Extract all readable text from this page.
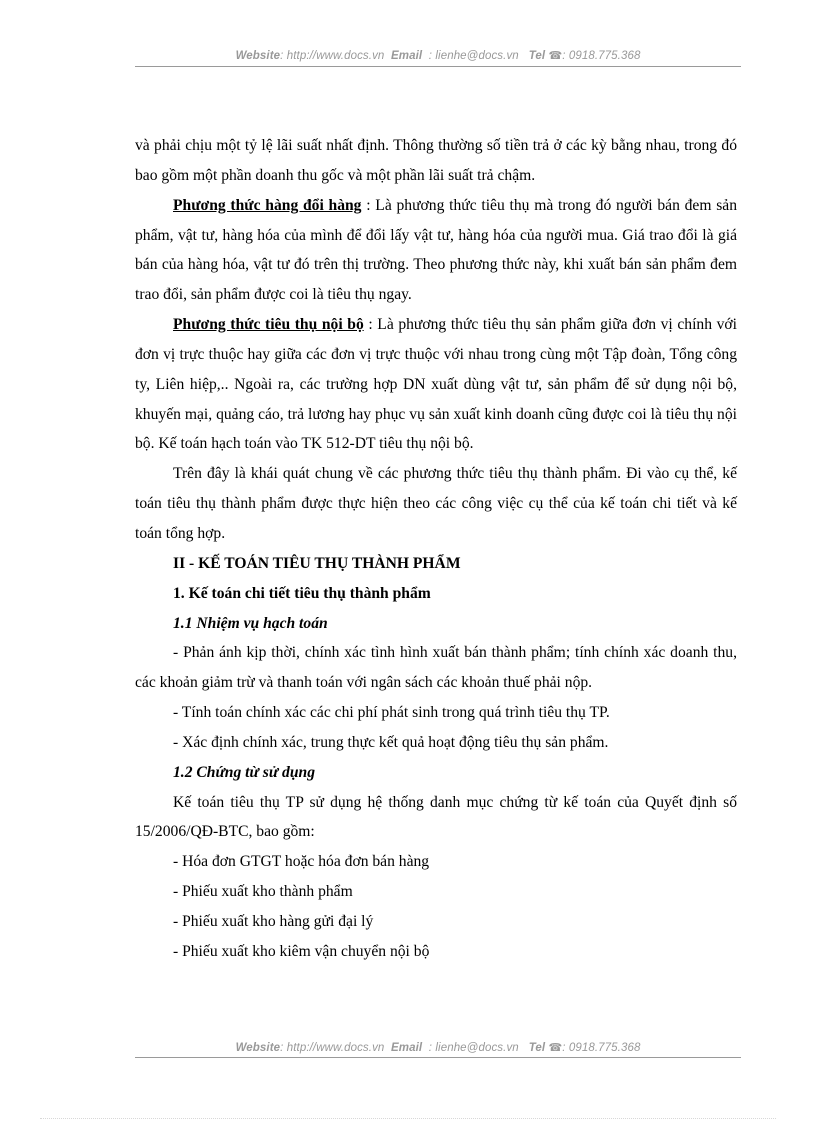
Website: http://www.docs.vn Email : lienhe@docs.vn Tel ☎: 0918.775.368

và phải chịu một tỷ lệ lãi suất nhất định. Thông thường số tiền trả ở các kỳ bằng nhau, trong đó bao gồm một phần doanh thu gốc và một phần lãi suất trả chậm.

Phương thức hàng đổi hàng : Là phương thức tiêu thụ mà trong đó người bán đem sản phẩm, vật tư, hàng hóa của mình để đổi lấy vật tư, hàng hóa của người mua. Giá trao đổi là giá bán của hàng hóa, vật tư đó trên thị trường. Theo phương thức này, khi xuất bán sản phẩm đem trao đổi, sản phẩm được coi là tiêu thụ ngay.

Phương thức tiêu thụ nội bộ : Là phương thức tiêu thụ sản phẩm giữa đơn vị chính với đơn vị trực thuộc hay giữa các đơn vị trực thuộc với nhau trong cùng một Tập đoàn, Tổng công ty, Liên hiệp,.. Ngoài ra, các trường hợp DN xuất dùng vật tư, sản phẩm để sử dụng nội bộ, khuyến mại, quảng cáo, trả lương hay phục vụ sản xuất kinh doanh cũng được coi là tiêu thụ nội bộ. Kế toán hạch toán vào TK 512-DT tiêu thụ nội bộ.

Trên đây là khái quát chung về các phương thức tiêu thụ thành phẩm. Đi vào cụ thể, kế toán tiêu thụ thành phẩm được thực hiện theo các công việc cụ thể của kế toán chi tiết và kế toán tổng hợp.

II - KẾ TOÁN TIÊU THỤ THÀNH PHẨM

1. Kế toán chi tiết tiêu thụ thành phẩm

1.1 Nhiệm vụ hạch toán

- Phản ánh kịp thời, chính xác tình hình xuất bán thành phẩm; tính chính xác doanh thu, các khoản giảm trừ và thanh toán với ngân sách các khoản thuế phải nộp.

- Tính toán chính xác các chi phí phát sinh trong quá trình tiêu thụ TP.

- Xác định chính xác, trung thực kết quả hoạt động tiêu thụ sản phẩm.

1.2 Chứng từ sử dụng

Kế toán tiêu thụ TP sử dụng hệ thống danh mục chứng từ kế toán của Quyết định số 15/2006/QĐ-BTC, bao gồm:

- Hóa đơn GTGT hoặc hóa đơn bán hàng

- Phiếu xuất kho thành phẩm

- Phiếu xuất kho hàng gửi đại lý

- Phiếu xuất kho kiêm vận chuyển nội bộ

Website: http://www.docs.vn Email : lienhe@docs.vn Tel ☎: 0918.775.368
